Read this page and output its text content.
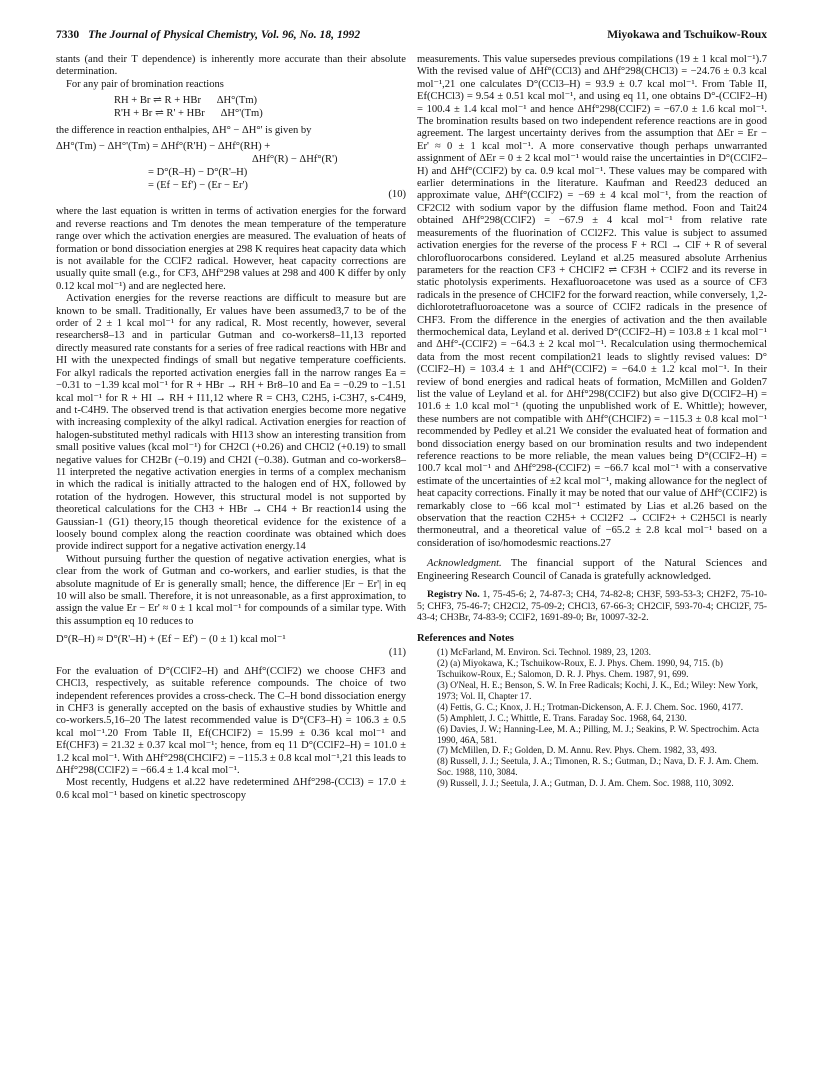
7330 The Journal of Physical Chemistry, Vol. 96, No. 18, 1992	Miyokawa and Tschuikow-Roux

stants (and their T dependence) is inherently more accurate than their absolute determination.

For any pair of bromination reactions

RH + Br ⇌ R + HBr      ΔH°(Tm)
R'H + Br ⇌ R' + HBr      ΔH°'(Tm)

the difference in reaction enthalpies, ΔH° − ΔH°' is given by

ΔH°(Tm) − ΔH°'(Tm) = ΔHf°(R'H) − ΔHf°(RH) +
ΔHf°(R) − ΔHf°(R')
= D°(R–H) − D°(R'–H)
= (Ef − Ef') − (Er − Er')
(10)

where the last equation is written in terms of activation energies for the forward and reverse reactions and Tm denotes the mean temperature of the temperature range over which the activation energies are measured. The evaluation of heats of formation or bond dissociation energies at 298 K requires heat capacity data which is not available for the CClF2 radical. However, heat capacity corrections are usually quite small (e.g., for CF3, ΔHf°298 values at 298 and 400 K differ by only 0.12 kcal mol⁻¹) and are neglected here.

Activation energies for the reverse reactions are difficult to measure but are known to be small. Traditionally, Er values have been assumed3,7 to be of the order of 2 ± 1 kcal mol⁻¹ for any radical, R. Most recently, however, several researchers8–13 and in particular Gutman and co-workers8–11,13 reported directly measured rate constants for a series of free radical reactions with HBr and HI with the unexpected findings of small but negative temperature coefficients. For alkyl radicals the reported activation energies fall in the narrow ranges Ea = −0.31 to −1.39 kcal mol⁻¹ for R + HBr → RH + Br8–10 and Ea = −0.29 to −1.51 kcal mol⁻¹ for R + HI → RH + I11,12 where R = CH3, C2H5, i-C3H7, s-C4H9, and t-C4H9. The observed trend is that activation energies become more negative with increasing complexity of the alkyl radical. Activation energies for reaction of halogen-substituted methyl radicals with HI13 show an interesting transition from small positive values (kcal mol⁻¹) for CH2Cl (+0.26) and CHCl2 (+0.19) to small negative values for CH2Br (−0.19) and CH2I (−0.38). Gutman and co-workers8–11 interpreted the negative activation energies in terms of a complex mechanism in which the radical is initially attracted to the halogen end of HX, followed by rotation of the hydrogen. However, this structural model is not supported by theoretical calculations for the CH3 + HBr → CH4 + Br reaction14 using the Gaussian-1 (G1) theory,15 though theoretical evidence for the existence of a loosely bound complex along the reaction coordinate was obtained which does provide indirect support for a negative activation energy.14

Without pursuing further the question of negative activation energies, what is clear from the work of Gutman and co-workers, and earlier studies, is that the absolute magnitude of Er is generally small; hence, the difference |Er − Er'| in eq 10 will also be small. Therefore, it is not unreasonable, as a first approximation, to assign the value Er − Er' ≈ 0 ± 1 kcal mol⁻¹ for compounds of a similar type. With this assumption eq 10 reduces to

D°(R–H) ≈ D°(R'–H) + (Ef − Ef') − (0 ± 1) kcal mol⁻¹
(11)

For the evaluation of D°(CClF2–H) and ΔHf°(CClF2) we choose CHF3 and CHCl3, respectively, as suitable reference compounds. The choice of two independent references provides a cross-check. The C–H bond dissociation energy in CHF3 is generally accepted on the basis of exhaustive studies by Whittle and co-workers.5,16–20 The latest recommended value is D°(CF3–H) = 106.3 ± 0.5 kcal mol⁻¹.20 From Table II, Ef(CHClF2) = 15.99 ± 0.36 kcal mol⁻¹ and Ef(CHF3) = 21.32 ± 0.37 kcal mol⁻¹; hence, from eq 11 D°(CClF2–H) = 101.0 ± 1.2 kcal mol⁻¹. With ΔHf°298(CHClF2) = −115.3 ± 0.8 kcal mol⁻¹,21 this leads to ΔHf°298(CClF2) = −66.4 ± 1.4 kcal mol⁻¹.

Most recently, Hudgens et al.22 have redetermined ΔHf°298-(CCl3) = 17.0 ± 0.6 kcal mol⁻¹ based on kinetic spectroscopy

measurements. This value supersedes previous compilations (19 ± 1 kcal mol⁻¹).7 With the revised value of ΔHf°(CCl3) and ΔHf°298(CHCl3) = −24.76 ± 0.3 kcal mol⁻¹,21 one calculates D°(CCl3–H) = 93.9 ± 0.7 kcal mol⁻¹. From Table II, Ef(CHCl3) = 9.54 ± 0.51 kcal mol⁻¹, and using eq 11, one obtains D°-(CClF2–H) = 100.4 ± 1.4 kcal mol⁻¹ and hence ΔHf°298(CClF2) = −67.0 ± 1.6 kcal mol⁻¹. The bromination results based on two independent reference reactions are in good agreement. The largest uncertainty derives from the assumption that ΔEr = Er − Er' ≈ 0 ± 1 kcal mol⁻¹. A more conservative though perhaps unwarranted assignment of ΔEr = 0 ± 2 kcal mol⁻¹ would raise the uncertainties in D°(CClF2–H) and ΔHf°(CClF2) by ca. 0.9 kcal mol⁻¹. These values may be compared with earlier determinations in the literature. Kaufman and Reed23 deduced an approximate value, ΔHf°(CClF2) = −69 ± 4 kcal mol⁻¹, from the reaction of CF2Cl2 with sodium vapor by the diffusion flame method. Foon and Tait24 obtained ΔHf°298(CClF2) = −67.9 ± 4 kcal mol⁻¹ from relative rate measurements of the fluorination of CCl2F2. This value is subject to assumed activation energies for the reverse of the process F + RCl → ClF + R of several chlorofluorocarbons considered. Leyland et al.25 measured absolute Arrhenius parameters for the reaction CF3 + CHClF2 ⇌ CF3H + CClF2 and its reverse in static photolysis experiments. Hexafluoroacetone was used as a source of CF3 radicals in the presence of CHClF2 for the forward reaction, while conversely, 1,2-dichlorotetrafluoroacetone was a source of CClF2 radicals in the presence of CHF3. From the difference in the energies of activation and the then available thermochemical data, Leyland et al. derived D°(CClF2–H) = 103.8 ± 1 kcal mol⁻¹ and ΔHf°-(CClF2) = −64.3 ± 2 kcal mol⁻¹. Recalculation using thermochemical data from the most recent compilation21 leads to slightly revised values: D°(CClF2–H) = 103.4 ± 1 and ΔHf°(CClF2) = −64.0 ± 1.2 kcal mol⁻¹. In their review of bond energies and radical heats of formation, McMillen and Golden7 list the value of Leyland et al. for ΔHf°298(CClF2) but also give D(CClF2–H) = 101.6 ± 1.0 kcal mol⁻¹ (quoting the unpublished work of E. Whittle); however, these numbers are not compatible with ΔHf°(CHClF2) = −115.3 ± 0.8 kcal mol⁻¹ recommended by Pedley et al.21 We consider the evaluated heat of formation and bond dissociation energy based on our bromination results and two independent reference reactions to be more reliable, the mean values being D°(CClF2–H) = 100.7 kcal mol⁻¹ and ΔHf°298-(CClF2) = −66.7 kcal mol⁻¹ with a conservative estimate of the uncertainties of ±2 kcal mol⁻¹, making allowance for the neglect of heat capacity corrections. Finally it may be noted that our value of ΔHf°(CClF2) is remarkably close to −66 kcal mol⁻¹ estimated by Lias et al.26 based on the observation that the reaction C2H5+ + CCl2F2 → CClF2+ + C2H5Cl is nearly thermoneutral, and a theoretical value of −65.2 ± 2.8 kcal mol⁻¹ based on a consideration of iso/homodesmic reactions.27

Acknowledgment. The financial support of the Natural Sciences and Engineering Research Council of Canada is gratefully acknowledged.

Registry No. 1, 75-45-6; 2, 74-87-3; CH4, 74-82-8; CH3F, 593-53-3; CH2F2, 75-10-5; CHF3, 75-46-7; CH2Cl2, 75-09-2; CHCl3, 67-66-3; CH2ClF, 593-70-4; CHCl2F, 75-43-4; CH3Br, 74-83-9; CClF2, 1691-89-0; Br, 10097-32-2.

References and Notes

(1) McFarland, M. Environ. Sci. Technol. 1989, 23, 1203.

(2) (a) Miyokawa, K.; Tschuikow-Roux, E. J. Phys. Chem. 1990, 94, 715. (b) Tschuikow-Roux, E.; Salomon, D. R. J. Phys. Chem. 1987, 91, 699.

(3) O'Neal, H. E.; Benson, S. W. In Free Radicals; Kochi, J. K., Ed.; Wiley: New York, 1973; Vol. II, Chapter 17.

(4) Fettis, G. C.; Knox, J. H.; Trotman-Dickenson, A. F. J. Chem. Soc. 1960, 4177.

(5) Amphlett, J. C.; Whittle, E. Trans. Faraday Soc. 1968, 64, 2130.

(6) Davies, J. W.; Hanning-Lee, M. A.; Pilling, M. J.; Seakins, P. W. Spectrochim. Acta 1990, 46A, 581.

(7) McMillen, D. F.; Golden, D. M. Annu. Rev. Phys. Chem. 1982, 33, 493.

(8) Russell, J. J.; Seetula, J. A.; Timonen, R. S.; Gutman, D.; Nava, D. F. J. Am. Chem. Soc. 1988, 110, 3084.

(9) Russell, J. J.; Seetula, J. A.; Gutman, D. J. Am. Chem. Soc. 1988, 110, 3092.
